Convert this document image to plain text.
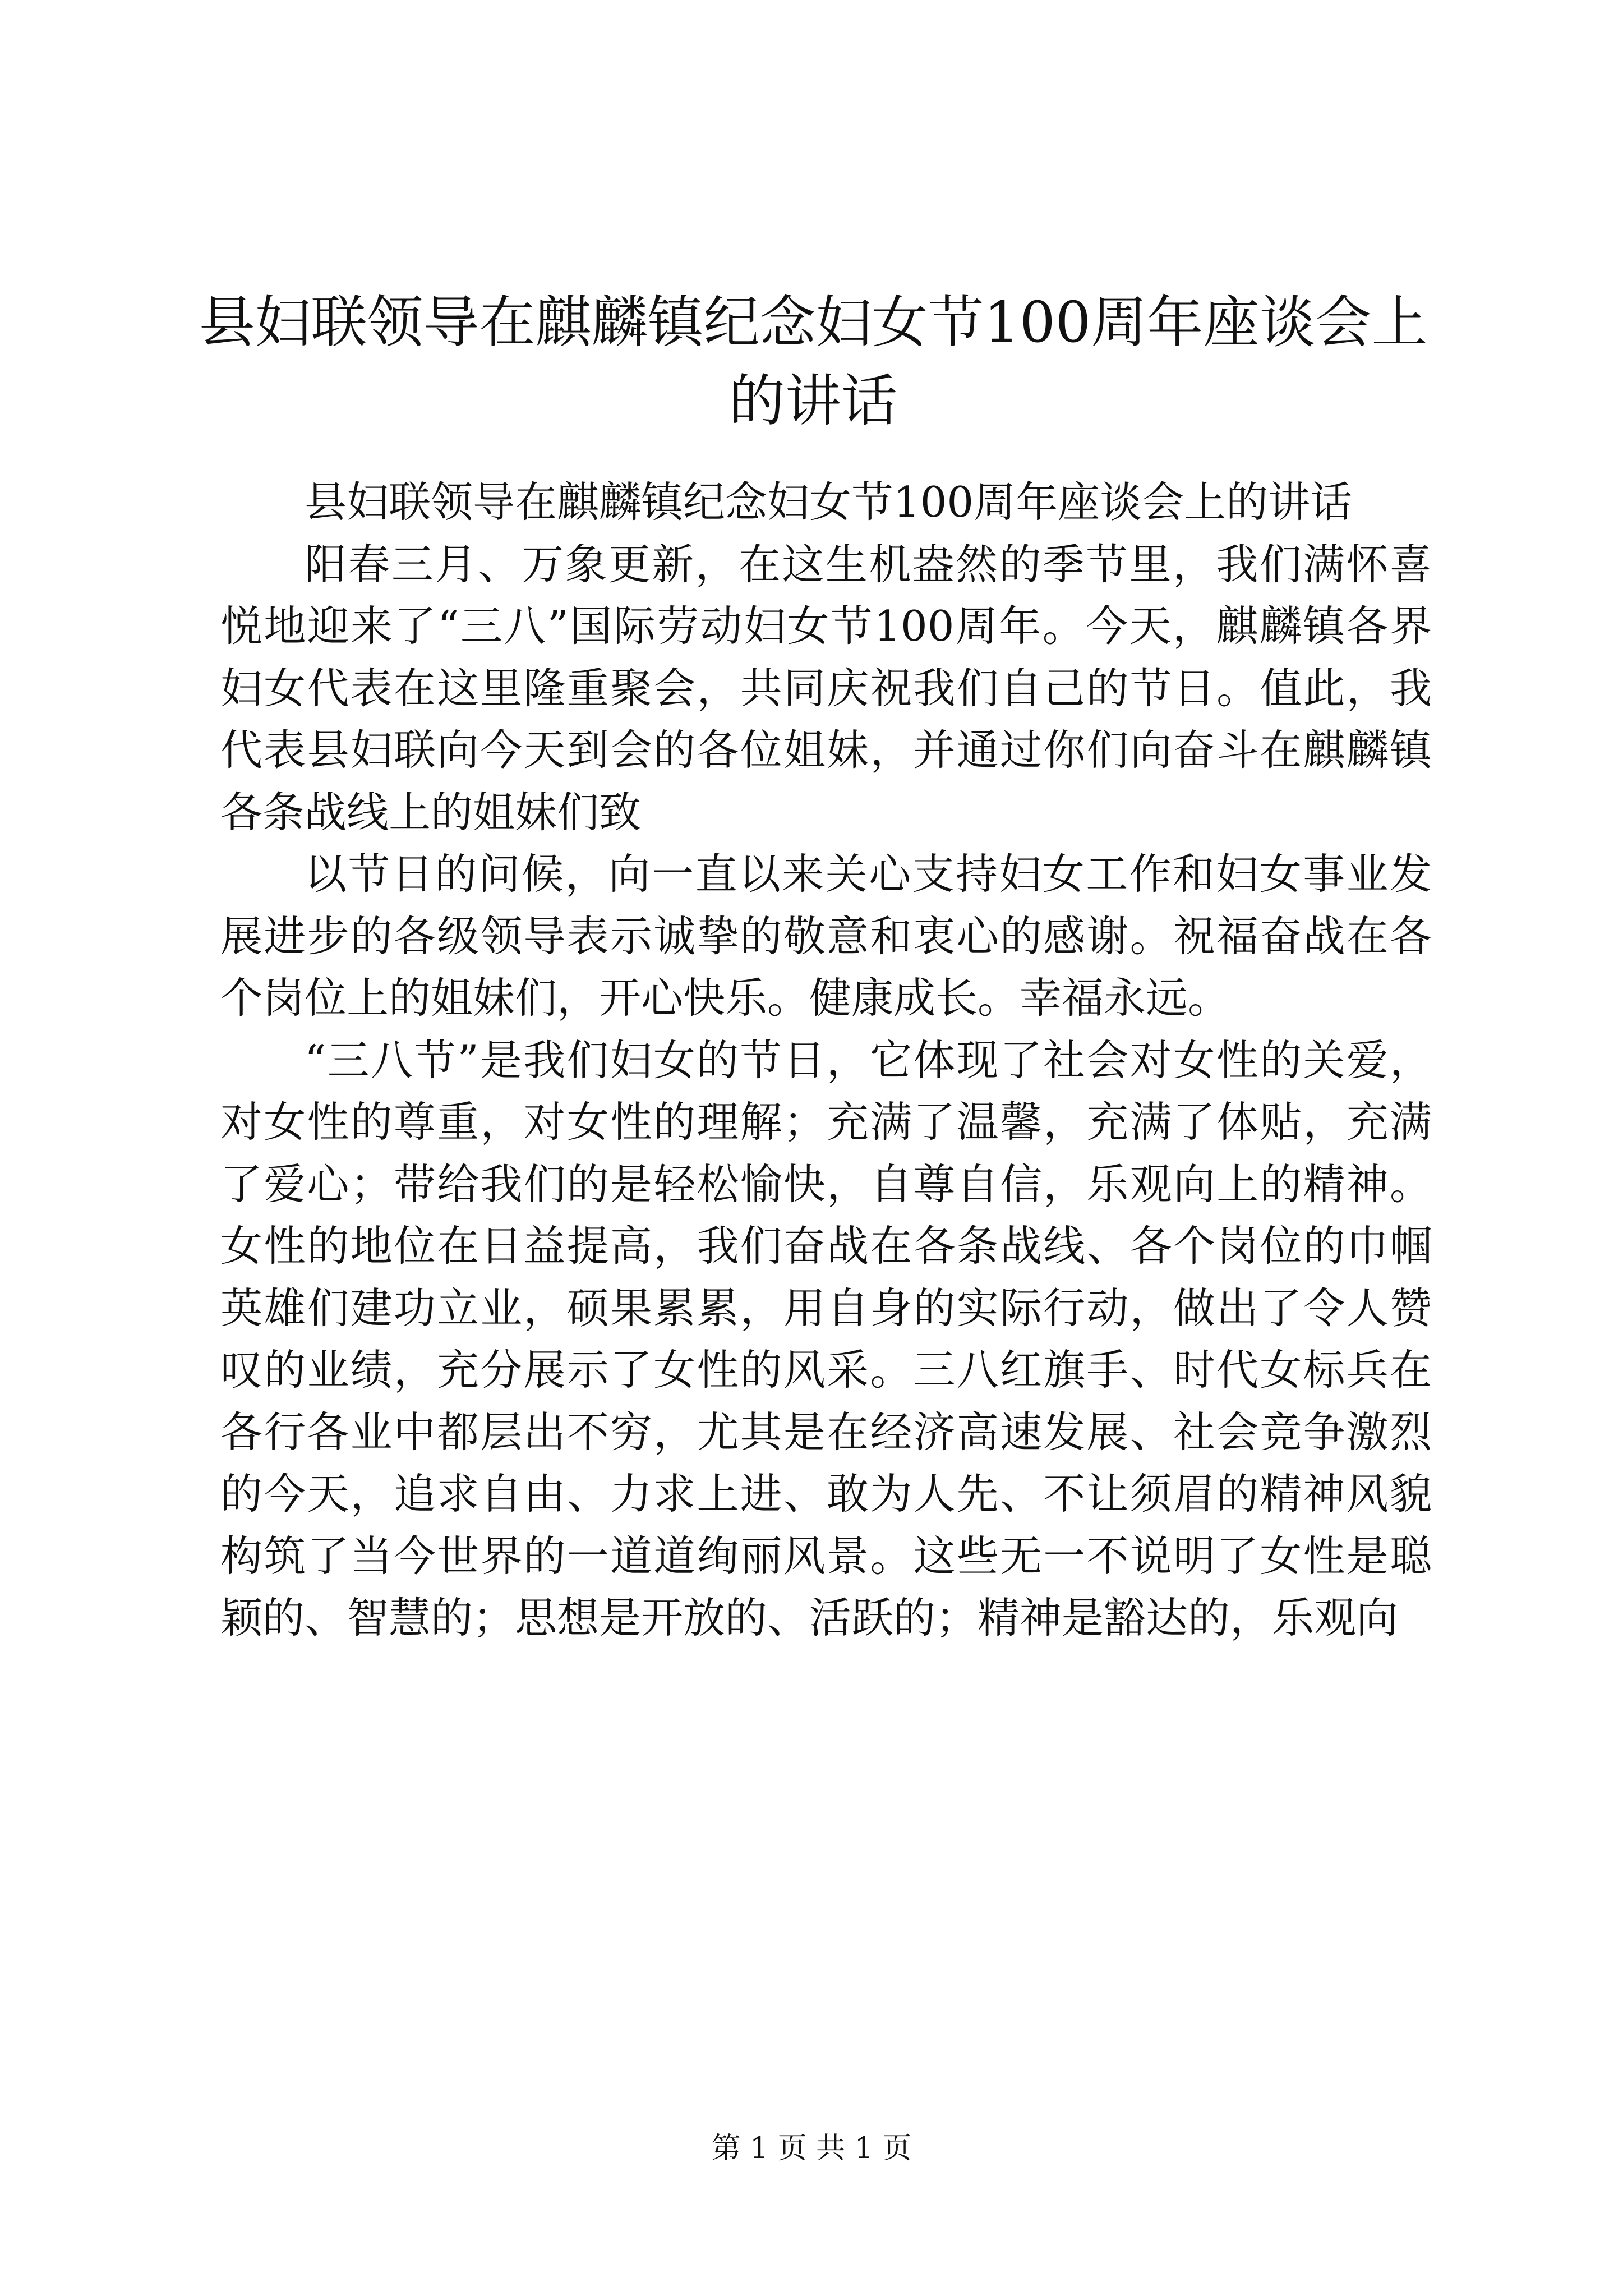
县妇联领导在麒麟镇纪念妇女节100周年座谈会上的讲话

县妇联领导在麒麟镇纪念妇女节100周年座谈会上的讲话

阳春三月、万象更新，在这生机盎然的季节里，我们满怀喜悦地迎来了“三八”国际劳动妇女节100周年。今天，麒麟镇各界妇女代表在这里隆重聚会，共同庆祝我们自己的节日。值此，我代表县妇联向今天到会的各位姐妹，并通过你们向奋斗在麒麟镇各条战线上的姐妹们致

以节日的问候，向一直以来关心支持妇女工作和妇女事业发展进步的各级领导表示诚挚的敬意和衷心的感谢。祝福奋战在各个岗位上的姐妹们，开心快乐。健康成长。幸福永远。

“三八节”是我们妇女的节日，它体现了社会对女性的关爱，对女性的尊重，对女性的理解；充满了温馨，充满了体贴，充满了爱心；带给我们的是轻松愉快，自尊自信，乐观向上的精神。女性的地位在日益提高，我们奋战在各条战线、各个岗位的巾帼英雄们建功立业，硕果累累，用自身的实际行动，做出了令人赞叹的业绩，充分展示了女性的风采。三八红旗手、时代女标兵在各行各业中都层出不穷，尤其是在经济高速发展、社会竞争激烈的今天，追求自由、力求上进、敢为人先、不让须眉的精神风貌构筑了当今世界的一道道绚丽风景。这些无一不说明了女性是聪颖的、智慧的；思想是开放的、活跃的；精神是豁达的，乐观向

第 1 页 共 1 页
